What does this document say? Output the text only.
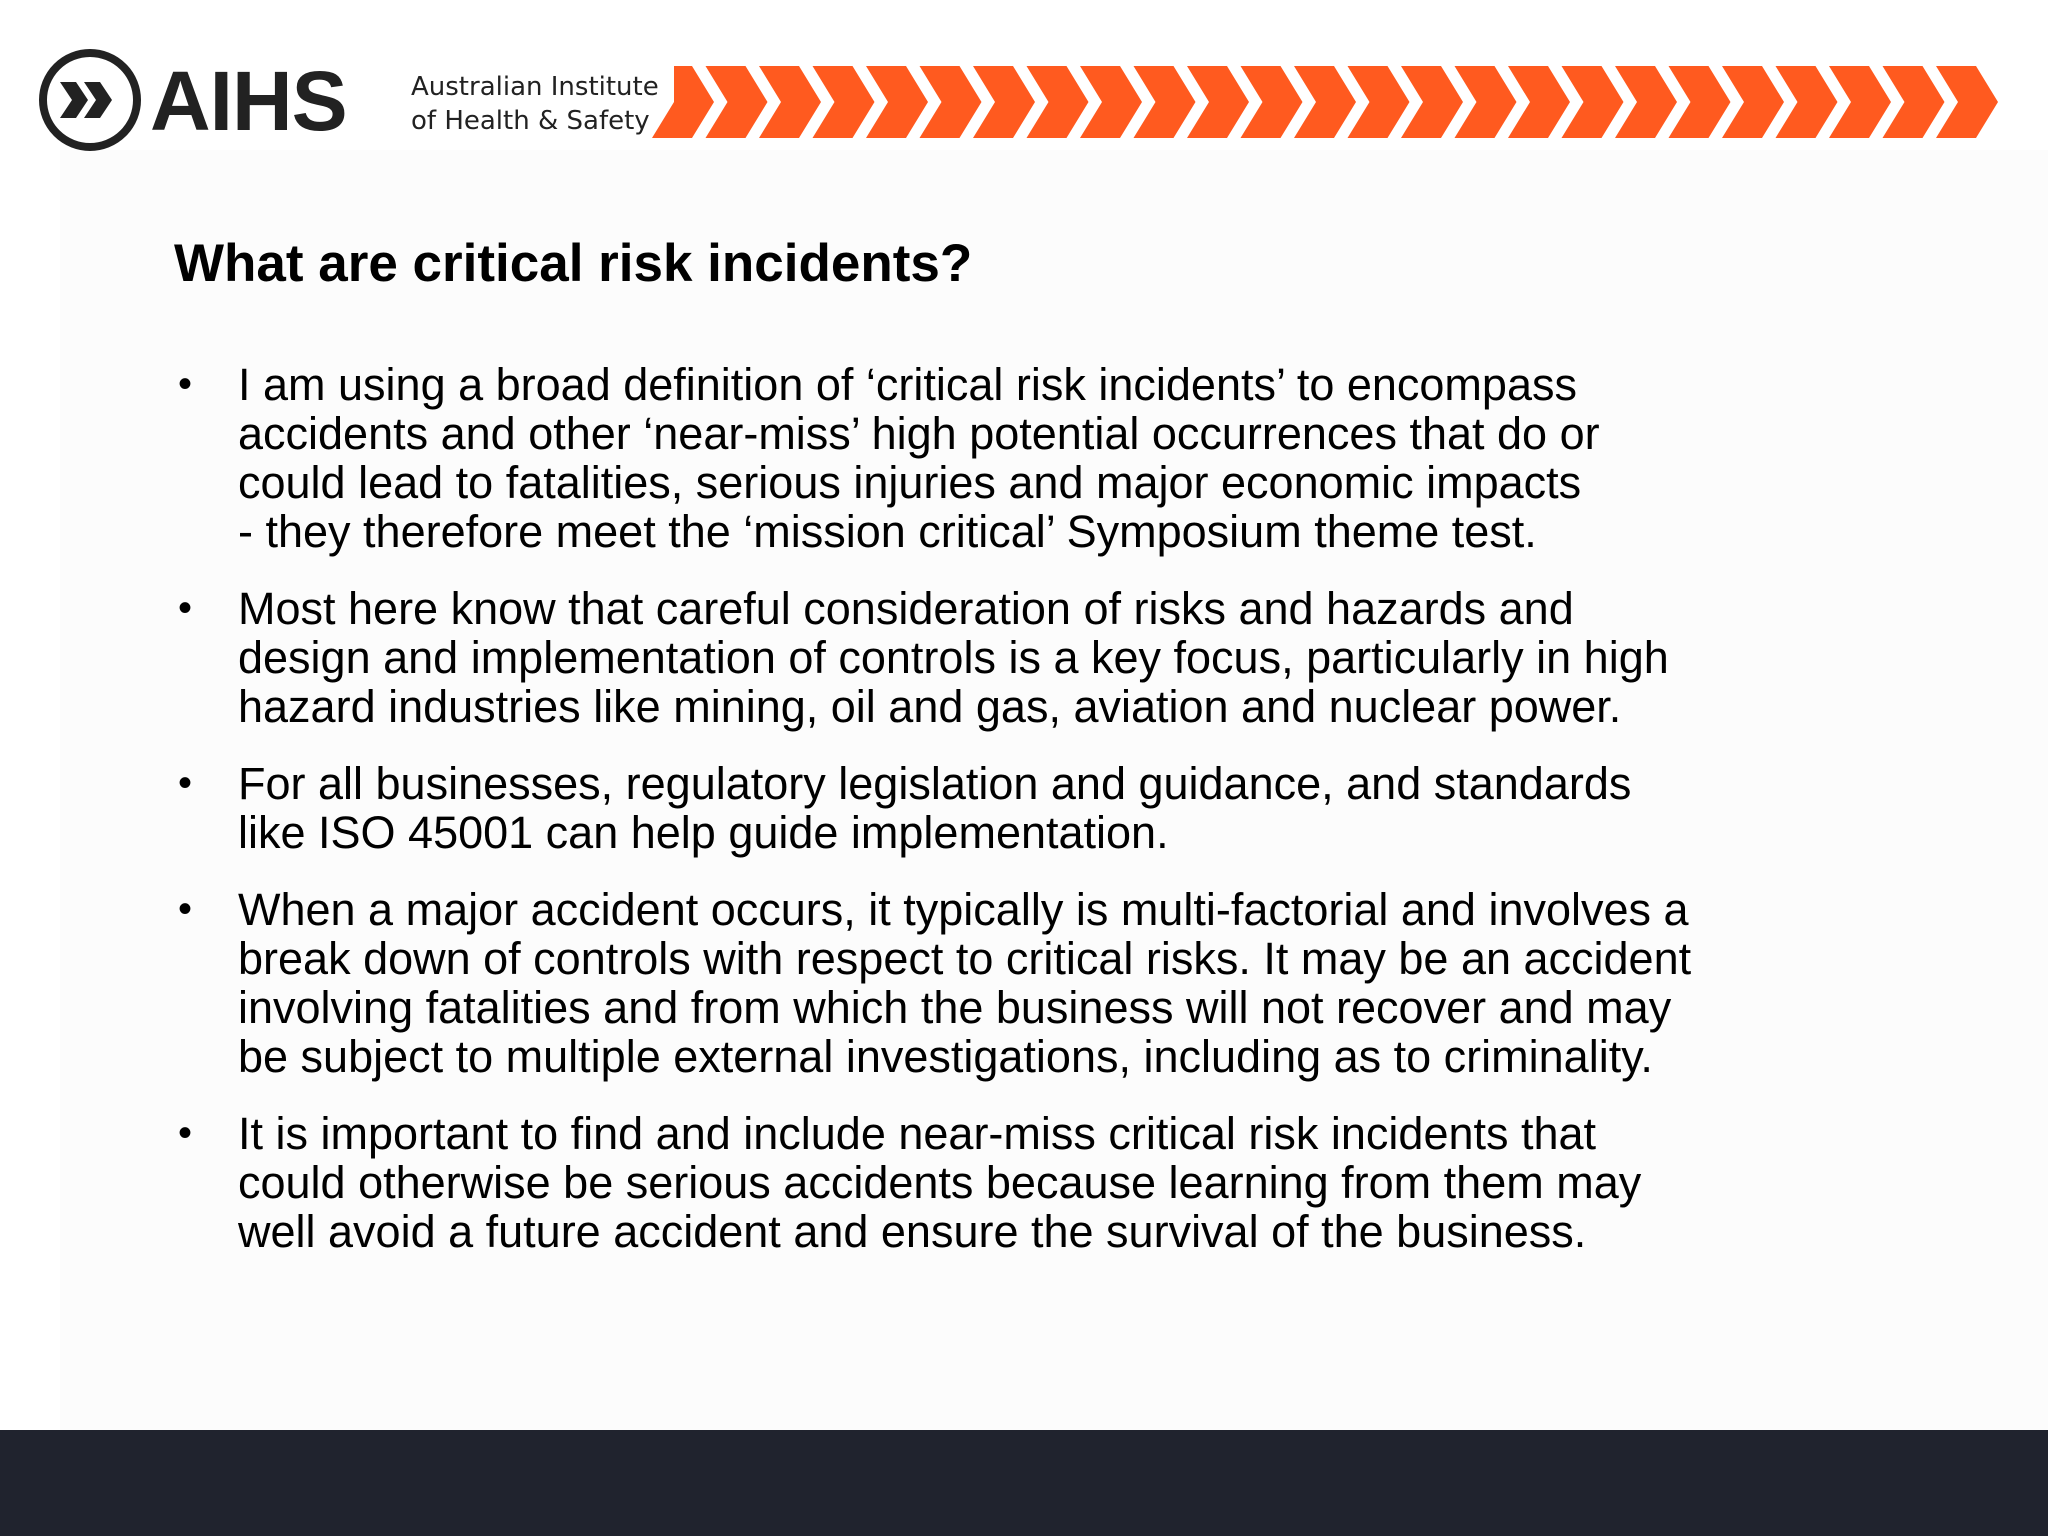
AIHS Australian Institute
of Health & Safety
What are critical risk incidents?
• I am using a broad definition of ‘critical risk incidents’ to encompass
accidents and other ‘near-miss’ high potential occurrences that do or
could lead to fatalities, serious injuries and major economic impacts
- they therefore meet the ‘mission critical’ Symposium theme test.
• Most here know that careful consideration of risks and hazards and
design and implementation of controls is a key focus, particularly in high
hazard industries like mining, oil and gas, aviation and nuclear power.
• For all businesses, regulatory legislation and guidance, and standards
like ISO 45001 can help guide implementation.
• When a major accident occurs, it typically is multi-factorial and involves a
break down of controls with respect to critical risks. It may be an accident
involving fatalities and from which the business will not recover and may
be subject to multiple external investigations, including as to criminality.
• It is important to find and include near-miss critical risk incidents that
could otherwise be serious accidents because learning from them may
well avoid a future accident and ensure the survival of the business.
